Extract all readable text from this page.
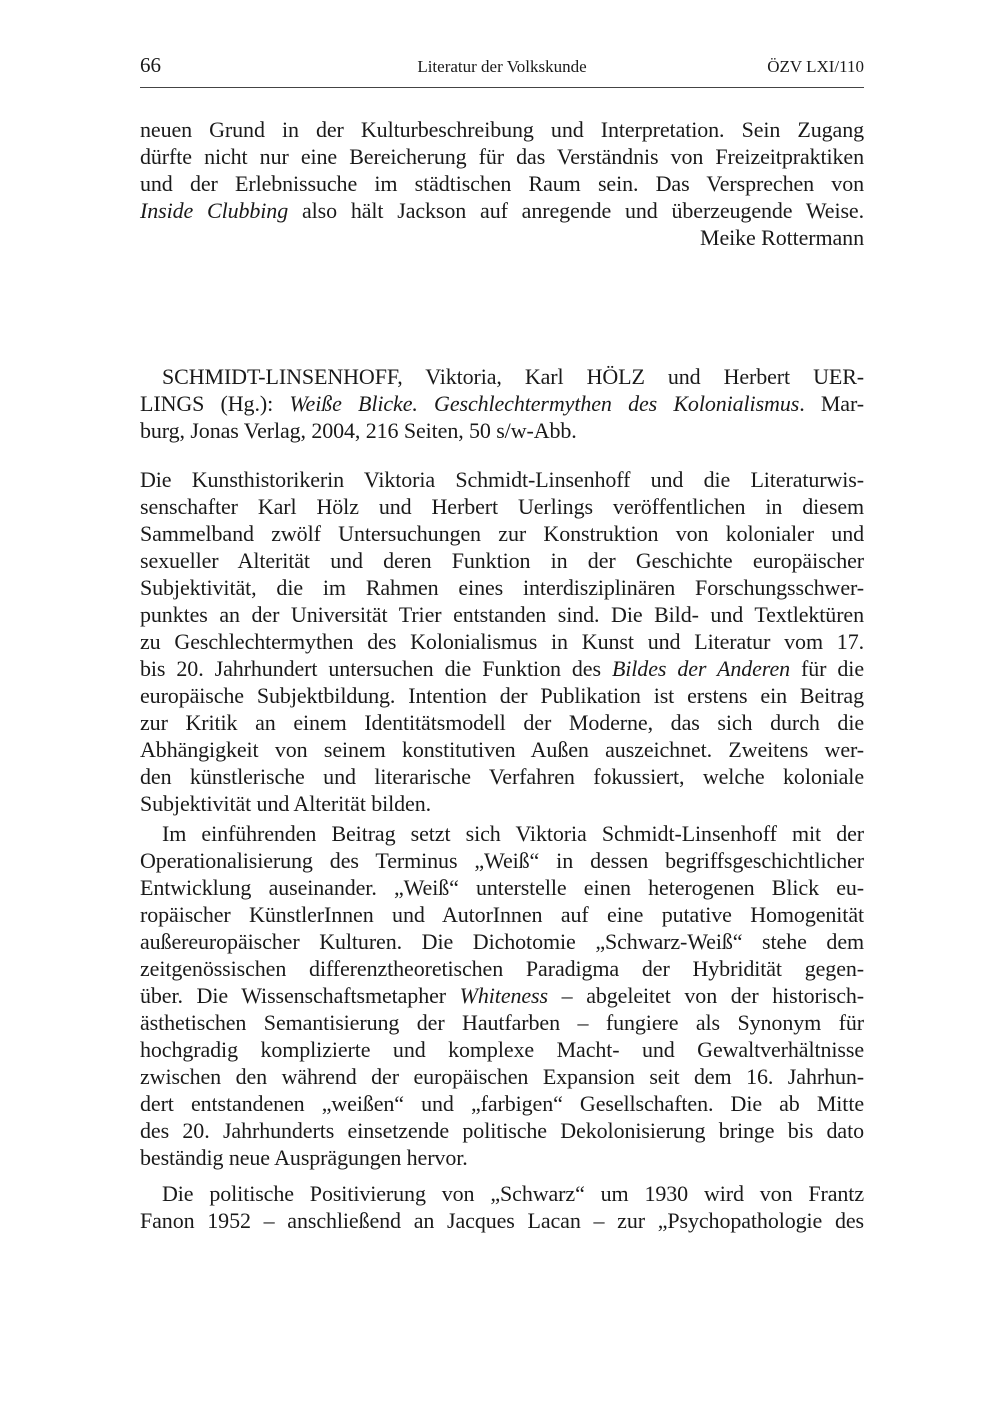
66	Literatur der Volkskunde	ÖZV LXI/110
neuen Grund in der Kulturbeschreibung und Interpretation. Sein Zugang
dürfte nicht nur eine Bereicherung für das Verständnis von Freizeitpraktiken
und der Erlebnissuche im städtischen Raum sein. Das Versprechen von
Inside Clubbing also hält Jackson auf anregende und überzeugende Weise.
Meike Rottermann
SCHMIDT-LINSENHOFF, Viktoria, Karl HÖLZ und Herbert UER-
LINGS (Hg.): Weiße Blicke. Geschlechtermythen des Kolonialismus. Mar-
burg, Jonas Verlag, 2004, 216 Seiten, 50 s/w-Abb.
Die Kunsthistorikerin Viktoria Schmidt-Linsenhoff und die Literaturwis-
senschafter Karl Hölz und Herbert Uerlings veröffentlichen in diesem
Sammelband zwölf Untersuchungen zur Konstruktion von kolonialer und
sexueller Alterität und deren Funktion in der Geschichte europäischer
Subjektivität, die im Rahmen eines interdisziplinären Forschungsschwer-
punktes an der Universität Trier entstanden sind. Die Bild- und Textlektüren
zu Geschlechtermythen des Kolonialismus in Kunst und Literatur vom 17.
bis 20. Jahrhundert untersuchen die Funktion des Bildes der Anderen für die
europäische Subjektbildung. Intention der Publikation ist erstens ein Beitrag
zur Kritik an einem Identitätsmodell der Moderne, das sich durch die
Abhängigkeit von seinem konstitutiven Außen auszeichnet. Zweitens wer-
den künstlerische und literarische Verfahren fokussiert, welche koloniale
Subjektivität und Alterität bilden.
Im einführenden Beitrag setzt sich Viktoria Schmidt-Linsenhoff mit der
Operationalisierung des Terminus „Weiß“ in dessen begriffsgeschichtlicher
Entwicklung auseinander. „Weiß“ unterstelle einen heterogenen Blick eu-
ropäischer KünstlerInnen und AutorInnen auf eine putative Homogenität
außereuropäischer Kulturen. Die Dichotomie „Schwarz-Weiß“ stehe dem
zeitgenössischen differenztheoretischen Paradigma der Hybridität gegen-
über. Die Wissenschaftsmetapher Whiteness – abgeleitet von der historisch-
ästhetischen Semantisierung der Hautfarben – fungiere als Synonym für
hochgradig komplizierte und komplexe Macht- und Gewaltverhältnisse
zwischen den während der europäischen Expansion seit dem 16. Jahrhun-
dert entstandenen „weißen“ und „farbigen“ Gesellschaften. Die ab Mitte
des 20. Jahrhunderts einsetzende politische Dekolonisierung bringe bis dato
beständig neue Ausprägungen hervor.
Die politische Positivierung von „Schwarz“ um 1930 wird von Frantz
Fanon 1952 – anschließend an Jacques Lacan – zur „Psychopathologie des
